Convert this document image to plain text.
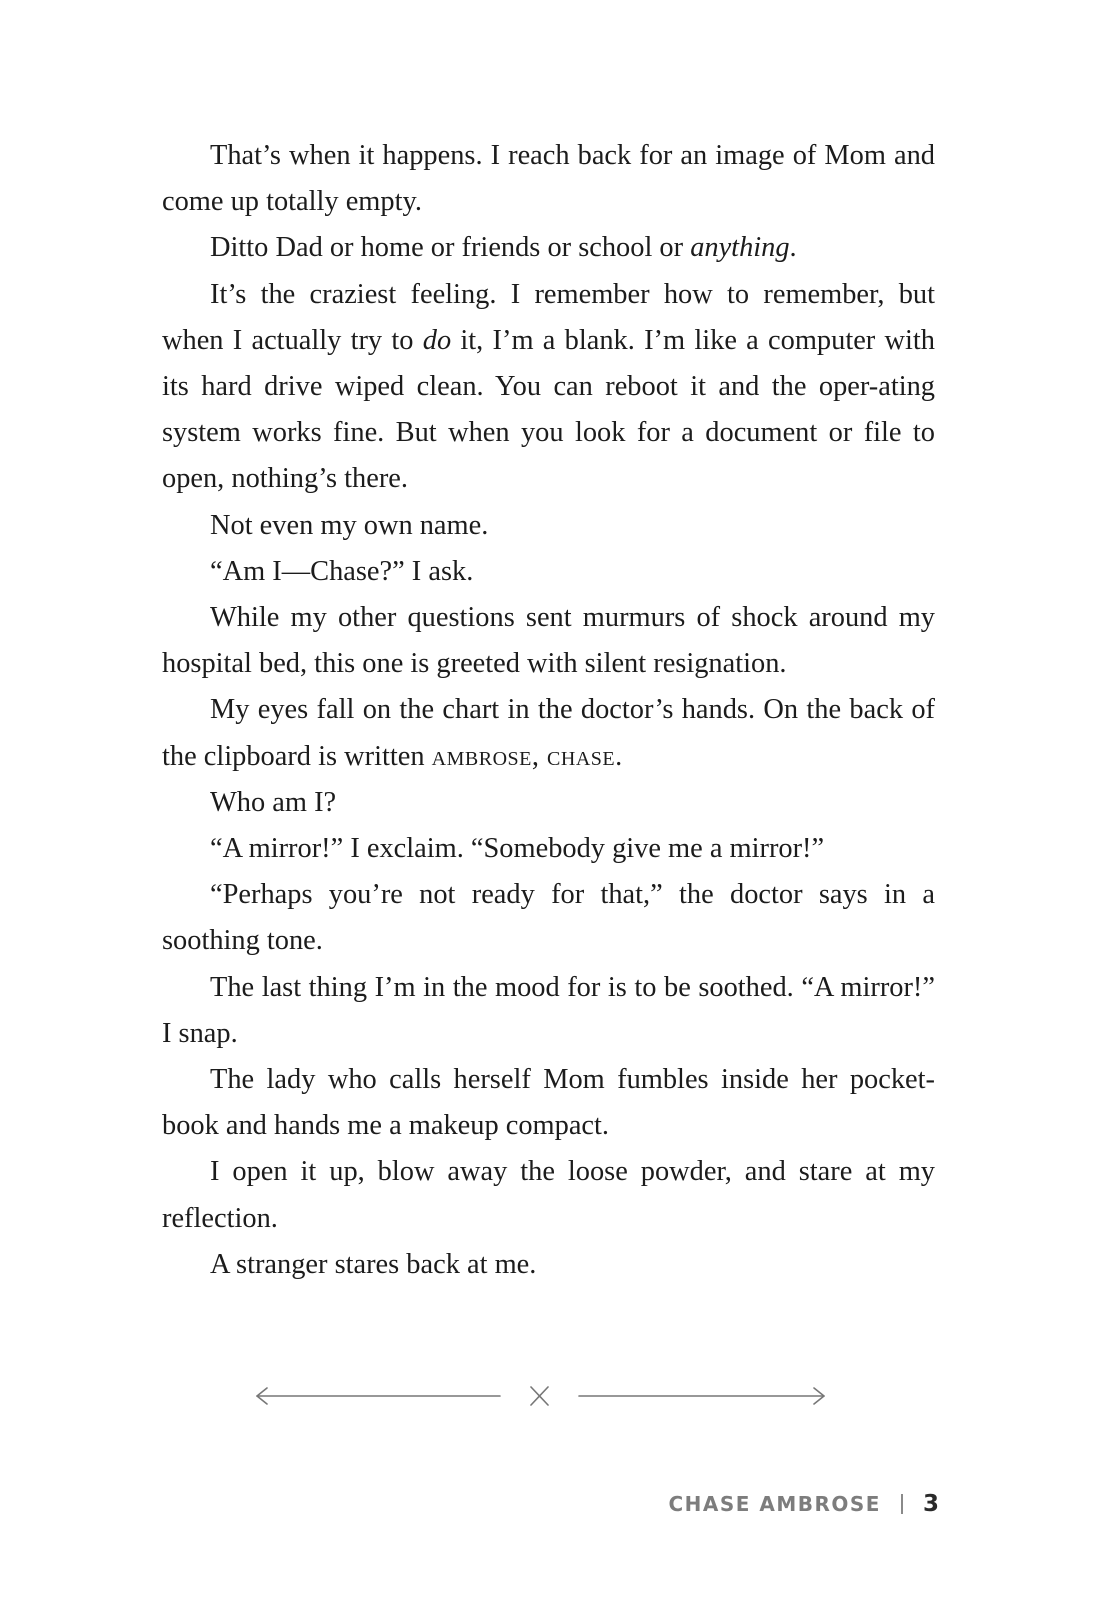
That’s when it happens. I reach back for an image of Mom and come up totally empty.

Ditto Dad or home or friends or school or anything.

It’s the craziest feeling. I remember how to remember, but when I actually try to do it, I’m a blank. I’m like a computer with its hard drive wiped clean. You can reboot it and the oper-ating system works fine. But when you look for a document or file to open, nothing’s there.

Not even my own name.

“Am I—Chase?” I ask.

While my other questions sent murmurs of shock around my hospital bed, this one is greeted with silent resignation.

My eyes fall on the chart in the doctor’s hands. On the back of the clipboard is written ambrose, chase.

Who am I?

“A mirror!” I exclaim. “Somebody give me a mirror!”

“Perhaps you’re not ready for that,” the doctor says in a soothing tone.

The last thing I’m in the mood for is to be soothed. “A mirror!” I snap.

The lady who calls herself Mom fumbles inside her pocket-book and hands me a makeup compact.

I open it up, blow away the loose powder, and stare at my reflection.

A stranger stares back at me.

CHASE AMBROSE 3
